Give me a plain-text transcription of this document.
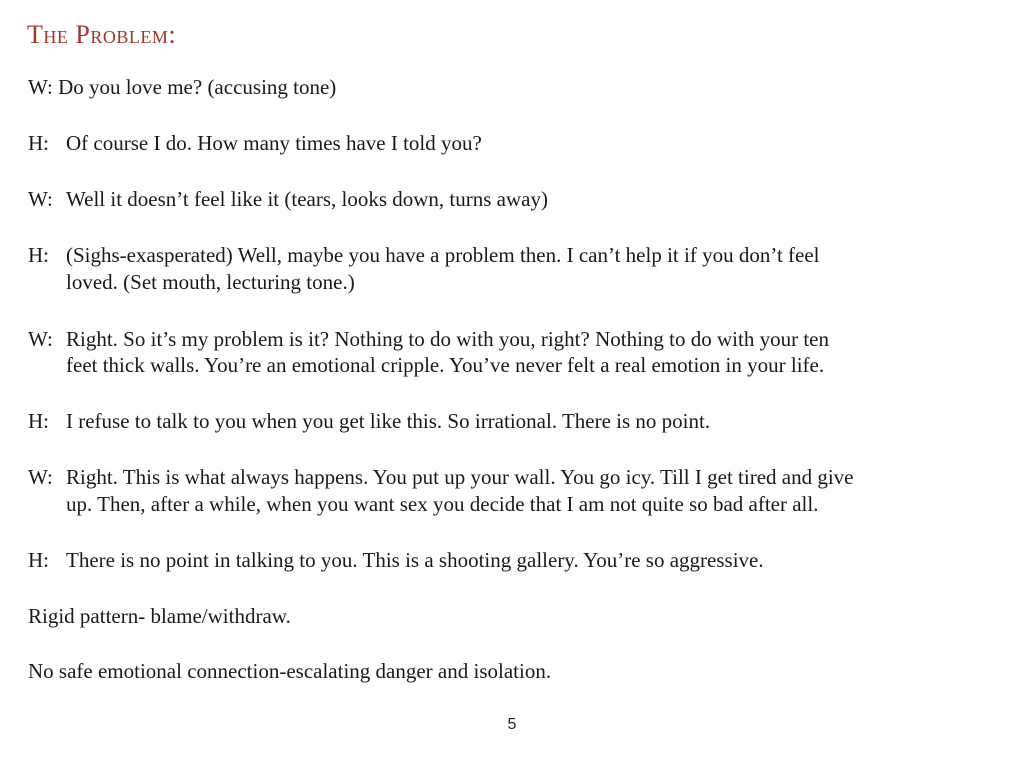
The Problem:
W: Do you love me? (accusing tone)
H: Of course I do. How many times have I told you?
W: Well it doesn’t feel like it (tears, looks down, turns away)
H: (Sighs-exasperated) Well, maybe you have a problem then. I can’t help it if you don’t feel
loved. (Set mouth, lecturing tone.)
W: Right. So it’s my problem is it? Nothing to do with you, right? Nothing to do with your ten
feet thick walls. You’re an emotional cripple. You’ve never felt a real emotion in your life.
H: I refuse to talk to you when you get like this. So irrational. There is no point.
W: Right. This is what always happens. You put up your wall. You go icy. Till I get tired and give
up. Then, after a while, when you want sex you decide that I am not quite so bad after all.
H: There is no point in talking to you. This is a shooting gallery. You’re so aggressive.
Rigid pattern- blame/withdraw.
No safe emotional connection-escalating danger and isolation.
5
